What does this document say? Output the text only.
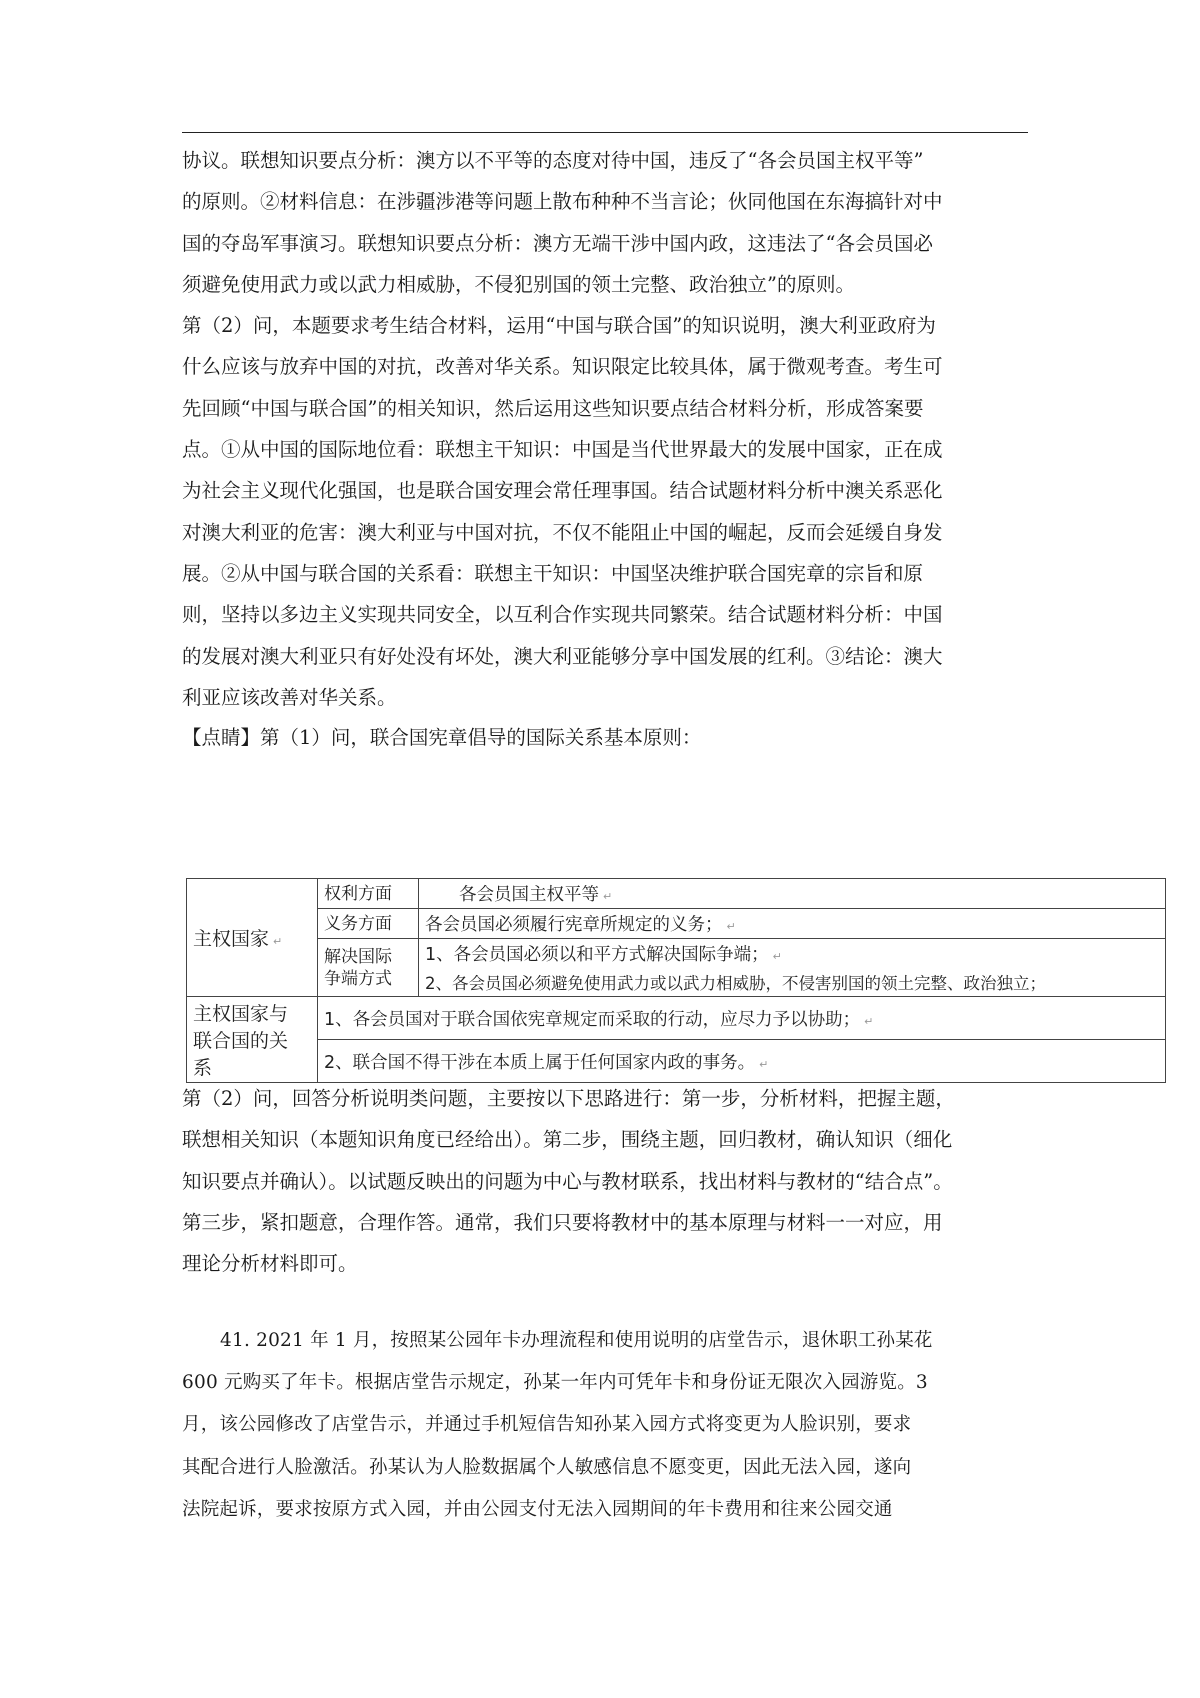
协议。联想知识要点分析：澳方以不平等的态度对待中国，违反了“各会员国主权平等”
的原则。②材料信息：在涉疆涉港等问题上散布种种不当言论；伙同他国在东海搞针对中
国的夺岛军事演习。联想知识要点分析：澳方无端干涉中国内政，这违法了“各会员国必
须避免使用武力或以武力相威胁，不侵犯别国的领土完整、政治独立”的原则。

第（2）问，本题要求考生结合材料，运用“中国与联合国”的知识说明，澳大利亚政府为
什么应该与放弃中国的对抗，改善对华关系。知识限定比较具体，属于微观考查。考生可
先回顾“中国与联合国”的相关知识，然后运用这些知识要点结合材料分析，形成答案要
点。①从中国的国际地位看：联想主干知识：中国是当代世界最大的发展中国家，正在成
为社会主义现代化强国，也是联合国安理会常任理事国。结合试题材料分析中澳关系恶化
对澳大利亚的危害：澳大利亚与中国对抗，不仅不能阻止中国的崛起，反而会延缓自身发
展。②从中国与联合国的关系看：联想主干知识：中国坚决维护联合国宪章的宗旨和原
则，坚持以多边主义实现共同安全，以互利合作实现共同繁荣。结合试题材料分析：中国
的发展对澳大利亚只有好处没有坏处，澳大利亚能够分享中国发展的红利。③结论：澳大
利亚应该改善对华关系。

【点睛】第（1）问，联合国宪章倡导的国际关系基本原则：

主权国家 ↵	权利方面	各会员国主权平等 ↵
	义务方面	各会员国必须履行宪章所规定的义务； ↵

	解决国际
争端方式	1、各会员国必须以和平方式解决国际争端； ↵
		2、各会员国必须避免使用武力或以武力相威胁，不侵害别国的领土完整、政治独立；

主权国家与
联合国的关
系	1、各会员国对于联合国依宪章规定而采取的行动，应尽力予以协助； ↵	
	2、联合国不得干涉在本质上属于任何国家内政的事务。 ↵	

第（2）问，回答分析说明类问题，主要按以下思路进行：第一步，分析材料，把握主题，
联想相关知识（本题知识角度已经给出）。第二步，围绕主题，回归教材，确认知识（细化
知识要点并确认）。以试题反映出的问题为中心与教材联系，找出材料与教材的“结合点”。
第三步，紧扣题意，合理作答。通常，我们只要将教材中的基本原理与材料一一对应，用
理论分析材料即可。

41. 2021 年 1 月，按照某公园年卡办理流程和使用说明的店堂告示，退休职工孙某花
600 元购买了年卡。根据店堂告示规定，孙某一年内可凭年卡和身份证无限次入园游览。3
月，该公园修改了店堂告示，并通过手机短信告知孙某入园方式将变更为人脸识别，要求
其配合进行人脸激活。孙某认为人脸数据属个人敏感信息不愿变更，因此无法入园，遂向
法院起诉，要求按原方式入园，并由公园支付无法入园期间的年卡费用和往来公园交通
